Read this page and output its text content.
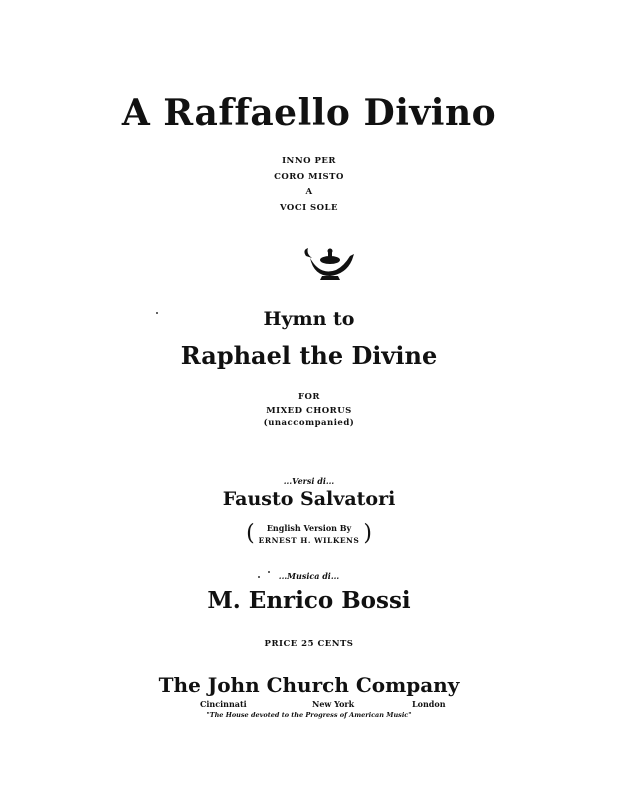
A Raffaello Divino
INNO PER
CORO MISTO
A
VOCI SOLE
Hymn to
Raphael the Divine
FOR
MIXED CHORUS
(unaccompanied)
...Versi di...
Fausto Salvatori
( English Version By
ERNEST H. WILKENS )
...Musica di...
M. Enrico Bossi
PRICE 25 CENTS
The John Church Company
Cincinnati	New York	London
"The House devoted to the Progress of American Music"
